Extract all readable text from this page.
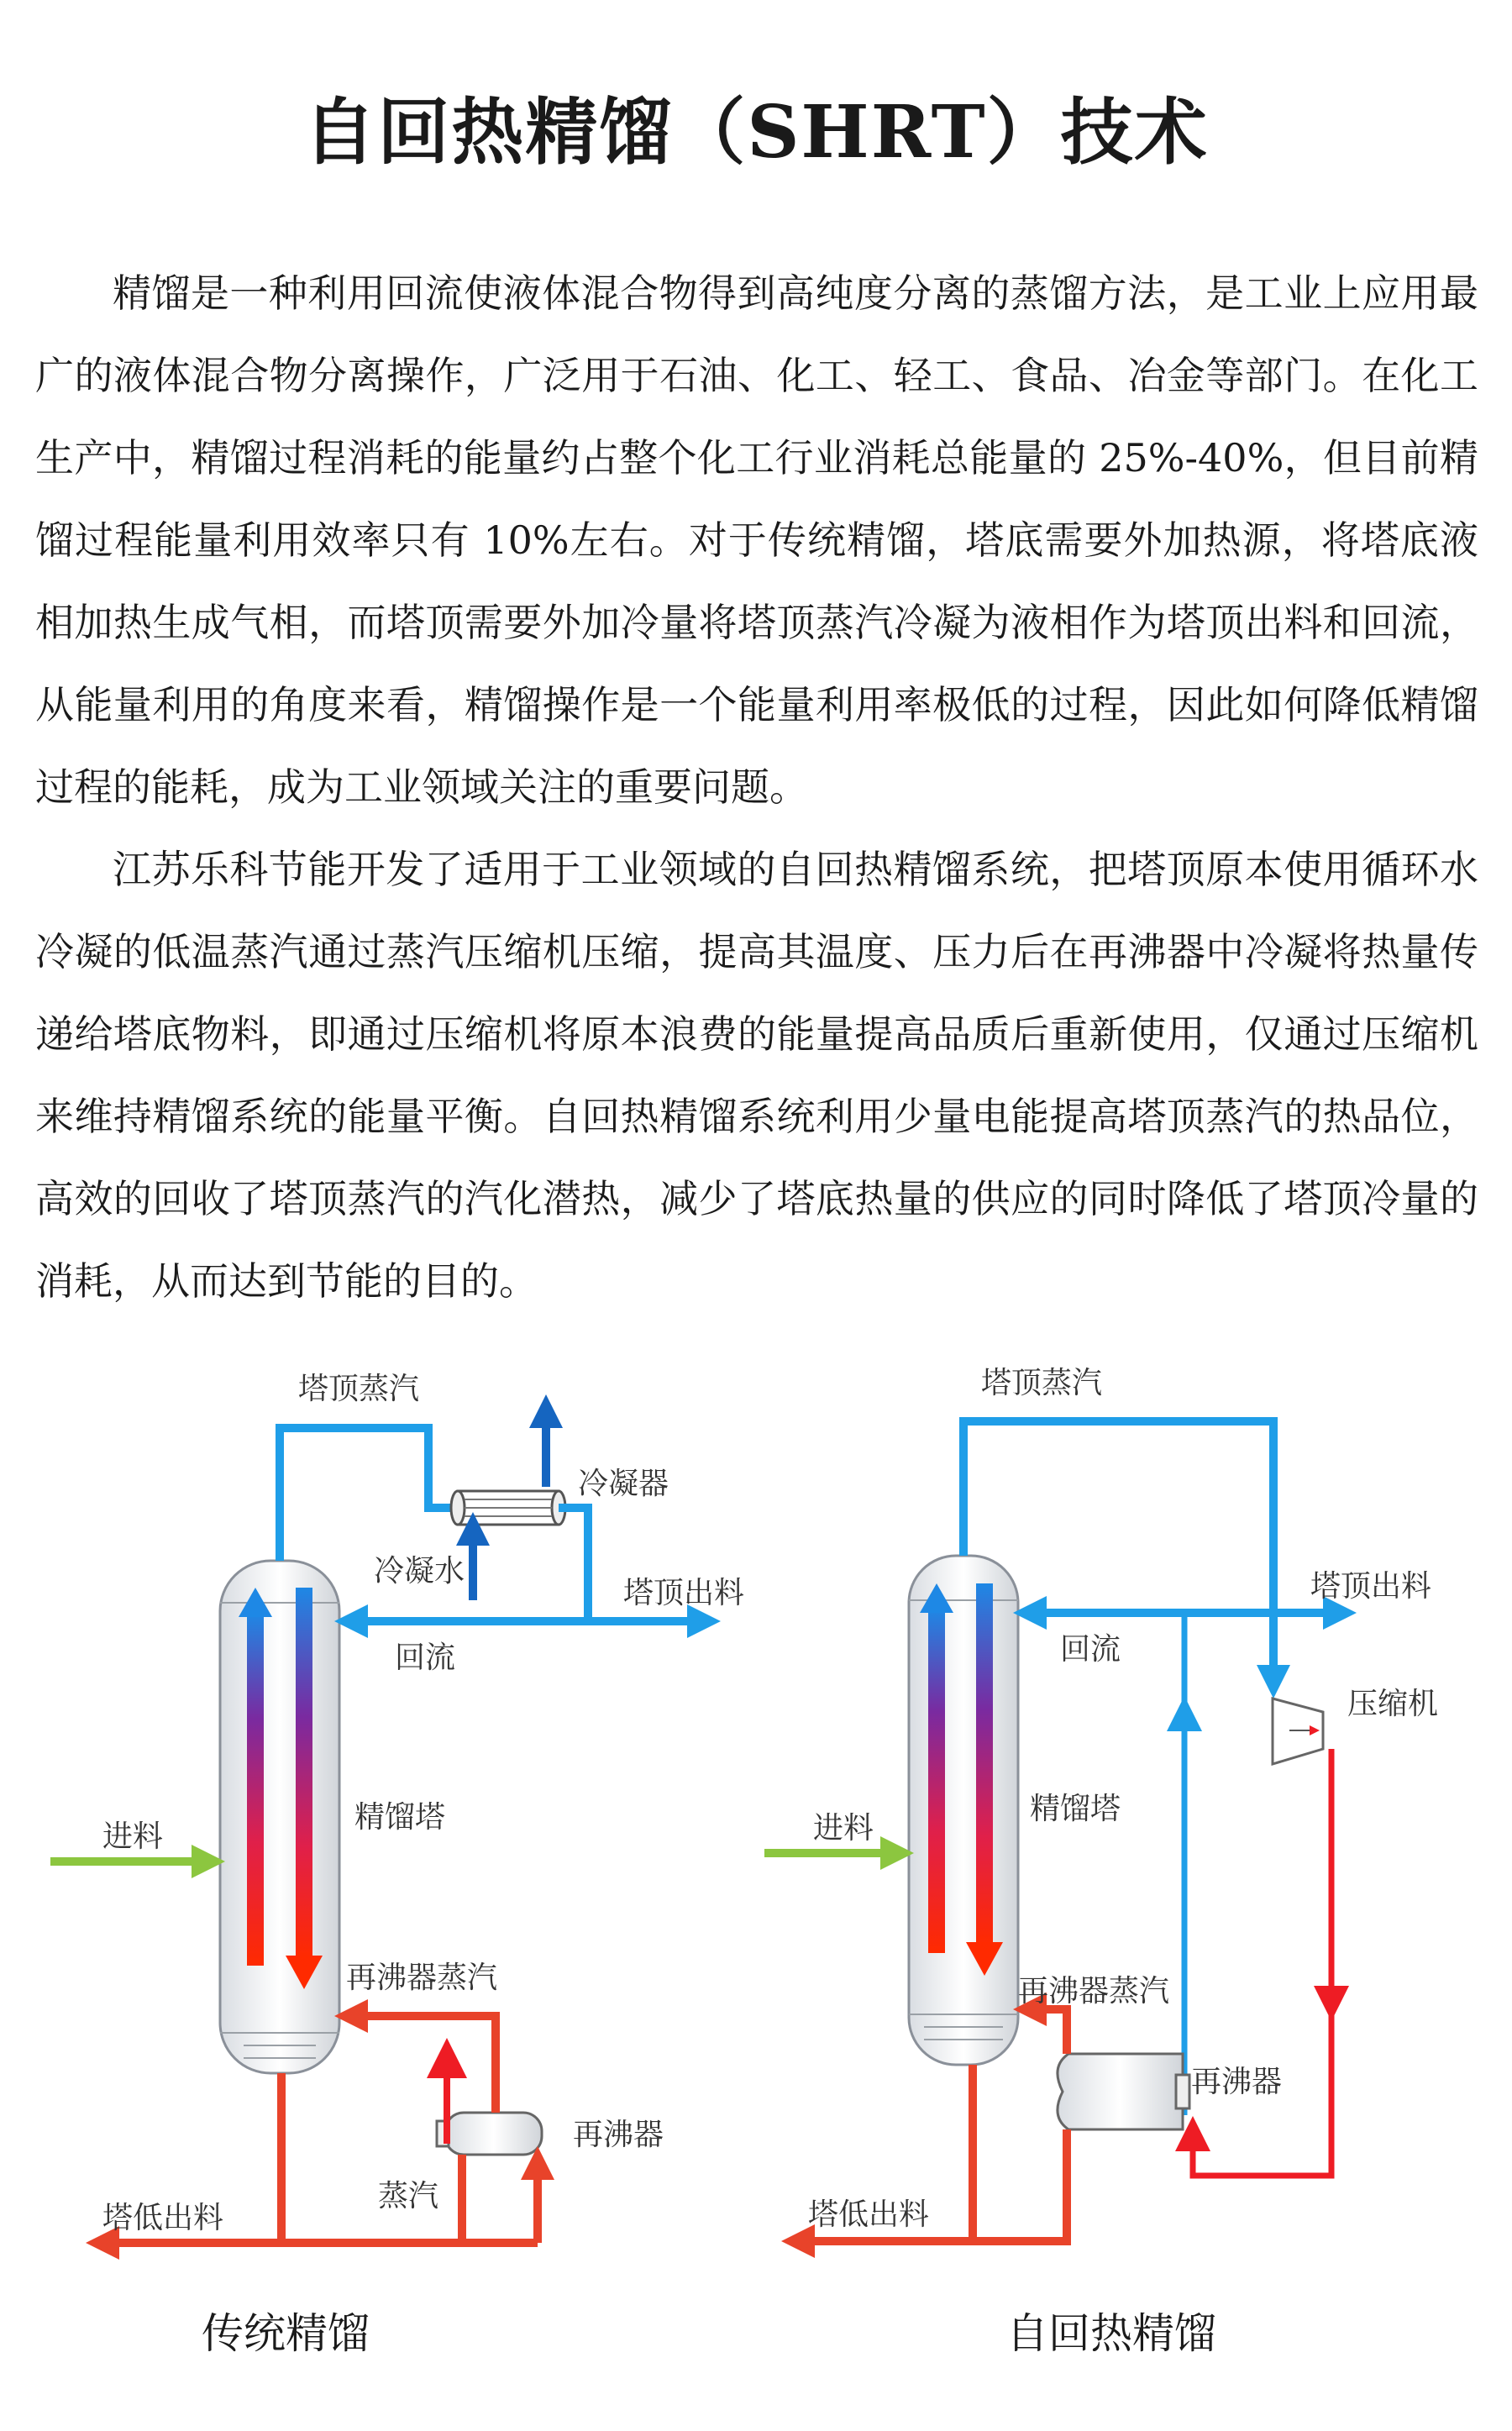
自回热精馏（SHRT）技术

精馏是一种利用回流使液体混合物得到高纯度分离的蒸馏方法，是工业上应用最广的液体混合物分离操作，广泛用于石油、化工、轻工、食品、冶金等部门。在化工生产中，精馏过程消耗的能量约占整个化工行业消耗总能量的 25%-40%，但目前精馏过程能量利用效率只有 10%左右。对于传统精馏，塔底需要外加热源，将塔底液相加热生成气相，而塔顶需要外加冷量将塔顶蒸汽冷凝为液相作为塔顶出料和回流，从能量利用的角度来看，精馏操作是一个能量利用率极低的过程，因此如何降低精馏过程的能耗，成为工业领域关注的重要问题。

江苏乐科节能开发了适用于工业领域的自回热精馏系统，把塔顶原本使用循环水冷凝的低温蒸汽通过蒸汽压缩机压缩，提高其温度、压力后在再沸器中冷凝将热量传递给塔底物料，即通过压缩机将原本浪费的能量提高品质后重新使用，仅通过压缩机来维持精馏系统的能量平衡。自回热精馏系统利用少量电能提高塔顶蒸汽的热品位，高效的回收了塔顶蒸汽的汽化潜热，减少了塔底热量的供应的同时降低了塔顶冷量的消耗，从而达到节能的目的。

塔顶蒸汽
冷凝器
冷凝水
塔顶出料
回流
精馏塔
进料
再沸器蒸汽
再沸器
蒸汽
塔低出料
塔顶蒸汽
塔顶出料
回流
压缩机
精馏塔
进料
再沸器蒸汽
再沸器
塔低出料
传统精馏	自回热精馏
